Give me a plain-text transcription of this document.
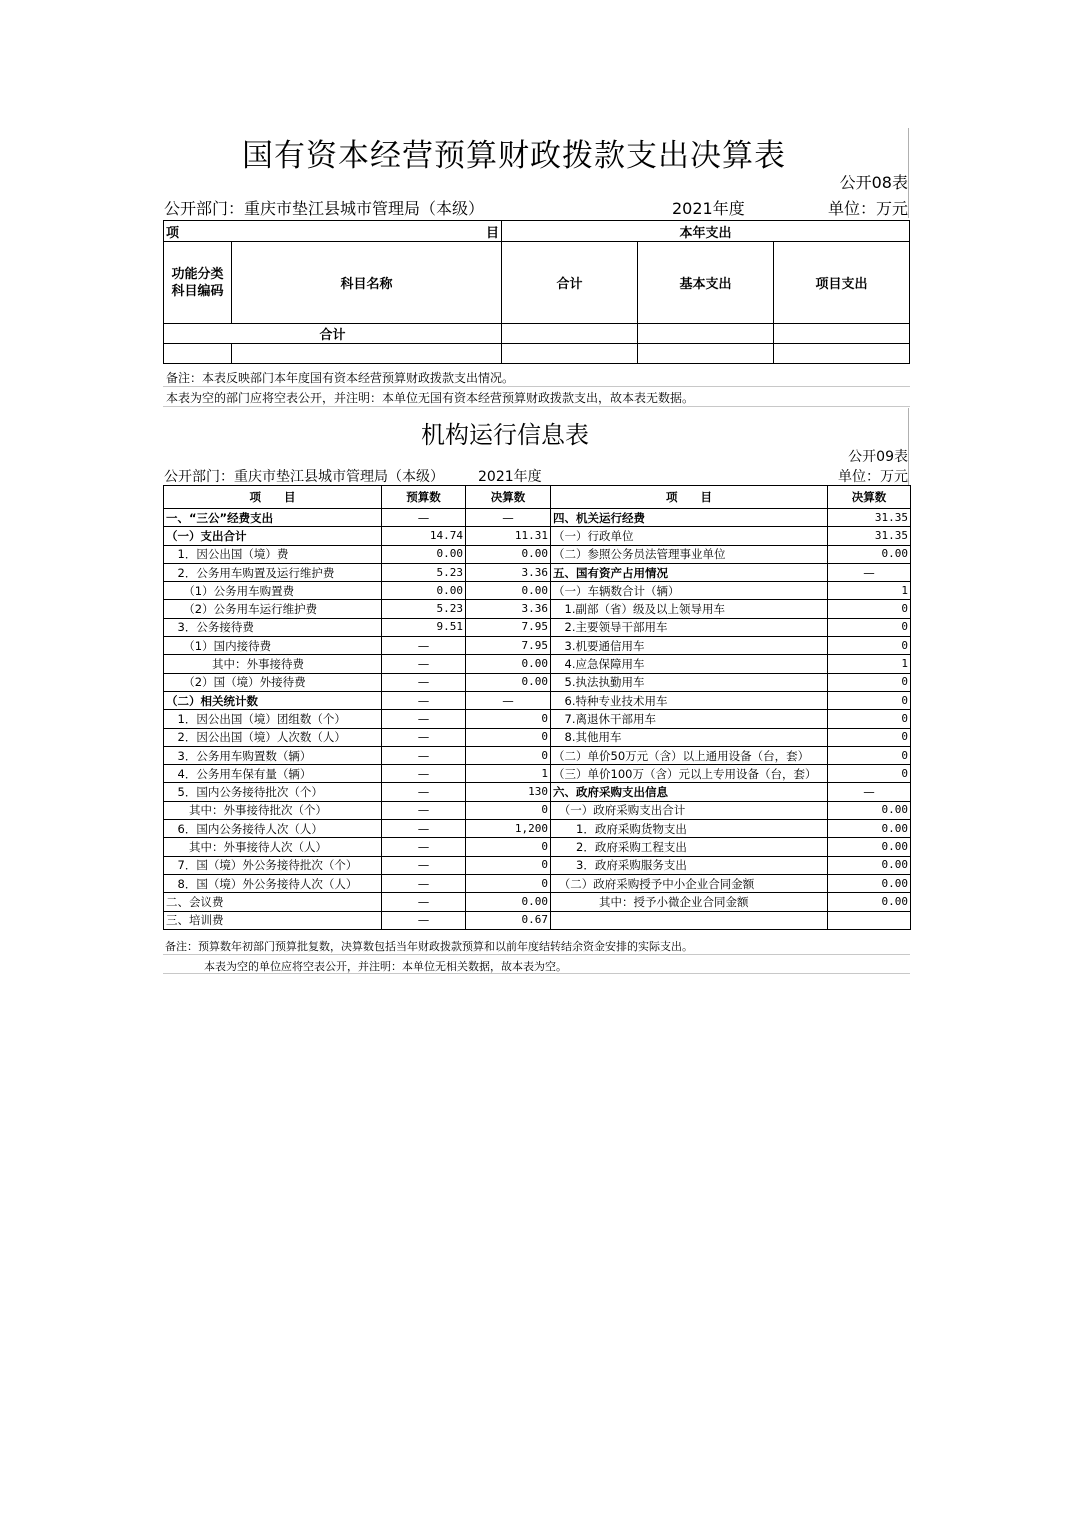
国有资本经营预算财政拨款支出决算表
公开08表
公开部门：重庆市垫江县城市管理局（本级）	2021年度	单位：万元
项 目		本年支出		
功能分类科目编码	科目名称	合计	基本支出	项目支出
合计				

备注：本表反映部门本年度国有资本经营预算财政拨款支出情况。
本表为空的部门应将空表公开，并注明：本单位无国有资本经营预算财政拨款支出，故本表无数据。
机构运行信息表
公开09表
公开部门：重庆市垫江县城市管理局（本级） 2021年度	单位：万元
项　　目	预算数	决算数	项　　目	决算数
一、“三公”经费支出	—	—	四、机关运行经费	31.35
（一）支出合计	14.74	11.31	（一）行政单位	31.35
　1．因公出国（境）费	0.00	0.00	（二）参照公务员法管理事业单位	0.00
　2．公务用车购置及运行维护费	5.23	3.36	五、国有资产占用情况	—
　　（1）公务用车购置费	0.00	0.00	（一）车辆数合计（辆）	1
　　（2）公务用车运行维护费	5.23	3.36	　1.副部（省）级及以上领导用车	0
　3．公务接待费	9.51	7.95	　2.主要领导干部用车	0
　　（1）国内接待费	—	7.95	　3.机要通信用车	0
　　　　其中：外事接待费	—	0.00	　4.应急保障用车	1
　　（2）国（境）外接待费	—	0.00	　5.执法执勤用车	0
（二）相关统计数	—	—	　6.特种专业技术用车	0
　1．因公出国（境）团组数（个）	—	0	　7.离退休干部用车	0
　2．因公出国（境）人次数（人）	—	0	　8.其他用车	0
　3．公务用车购置数（辆）	—	0	（二）单价50万元（含）以上通用设备（台，套）	0
　4．公务用车保有量（辆）	—	1	（三）单价100万（含）元以上专用设备（台，套）	0
　5．国内公务接待批次（个）	—	130	六、政府采购支出信息	—
　　其中：外事接待批次（个）	—	0	　（一）政府采购支出合计	0.00
　6．国内公务接待人次（人）	—	1,200	　　1．政府采购货物支出	0.00
　　其中：外事接待人次（人）	—	0	　　2．政府采购工程支出	0.00
　7．国（境）外公务接待批次（个）	—	0	　　3．政府采购服务支出	0.00
　8．国（境）外公务接待人次（人）	—	0	　（二）政府采购授予中小企业合同金额	0.00
二、会议费	—	0.00	　　　　其中：授予小微企业合同金额	0.00
三、培训费	—	0.67		
备注：预算数年初部门预算批复数，决算数包括当年财政拨款预算和以前年度结转结余资金安排的实际支出。
本表为空的单位应将空表公开，并注明：本单位无相关数据，故本表为空。
